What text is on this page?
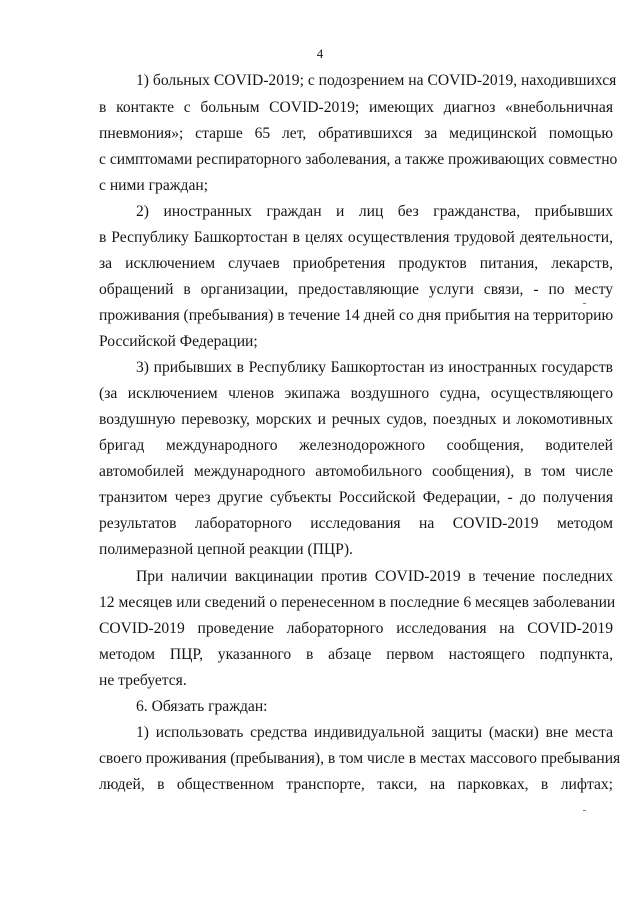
4
1) больных COVID-2019; с подозрением на COVID-2019, находившихся
в контакте с больным COVID-2019; имеющих диагноз «внебольничная
пневмония»; старше 65 лет, обратившихся за медицинской помощью
с симптомами респираторного заболевания, а также проживающих совместно
с ними граждан;
2) иностранных граждан и лиц без гражданства, прибывших
в Республику Башкортостан в целях осуществления трудовой деятельности,
за исключением случаев приобретения продуктов питания, лекарств,
обращений в организации, предоставляющие услуги связи, - по месту
проживания (пребывания) в течение 14 дней со дня прибытия на территорию
Российской Федерации;
3) прибывших в Республику Башкортостан из иностранных государств
(за исключением членов экипажа воздушного судна, осуществляющего
воздушную перевозку, морских и речных судов, поездных и локомотивных
бригад международного железнодорожного сообщения, водителей
автомобилей международного автомобильного сообщения), в том числе
транзитом через другие субъекты Российской Федерации, - до получения
результатов лабораторного исследования на COVID-2019 методом
полимеразной цепной реакции (ПЦР).
При наличии вакцинации против COVID-2019 в течение последних
12 месяцев или сведений о перенесенном в последние 6 месяцев заболевании
COVID-2019 проведение лабораторного исследования на COVID-2019
методом ПЦР, указанного в абзаце первом настоящего подпункта,
не требуется.
6. Обязать граждан:
1) использовать средства индивидуальной защиты (маски) вне места
своего проживания (пребывания), в том числе в местах массового пребывания
людей, в общественном транспорте, такси, на парковках, в лифтах;
